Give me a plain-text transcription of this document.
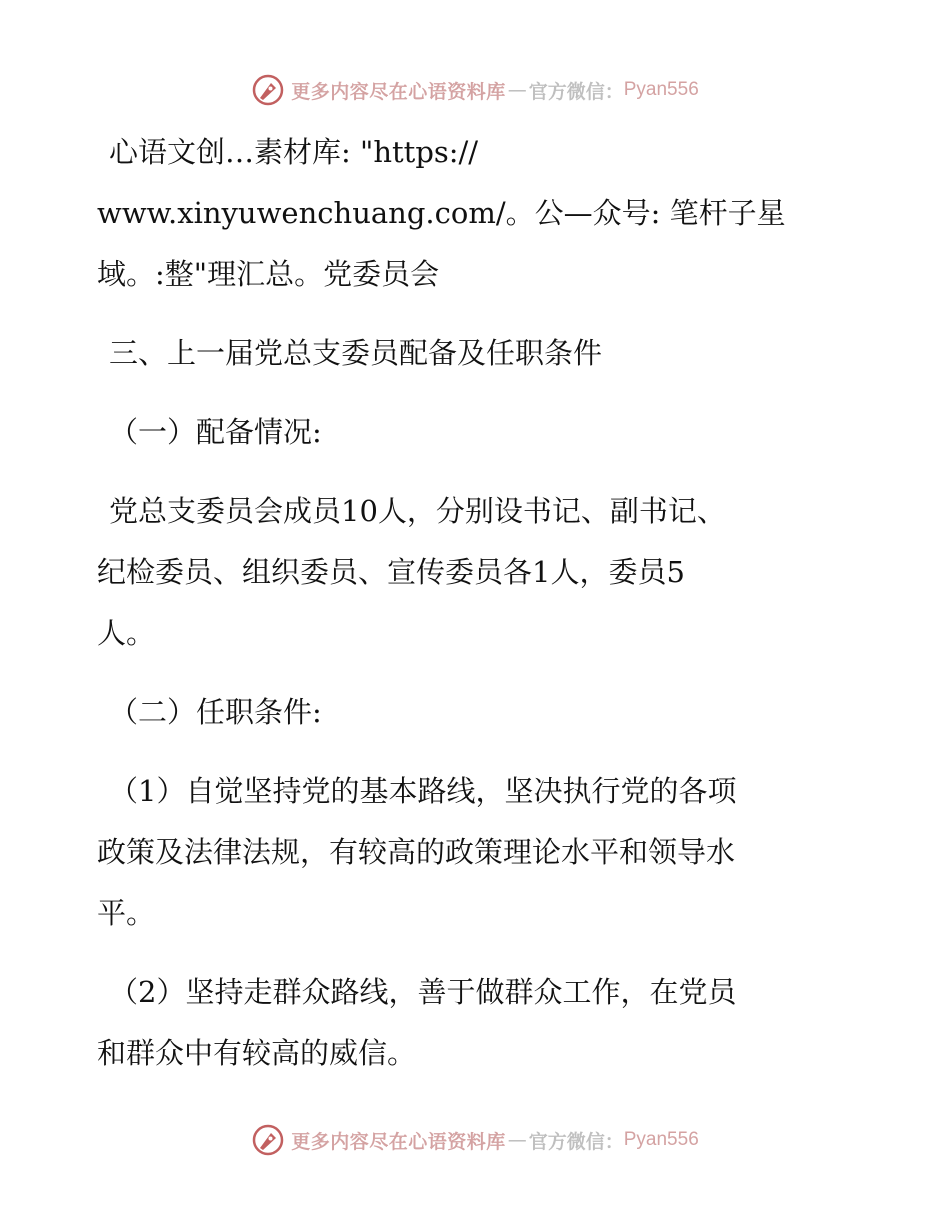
更多内容尽在心语资料库 — 官方微信： Pyan556

心语文创…素材库: "https://
www.xinyuwenchuang.com/。公—众号: 笔杆子星
域。:整"理汇总。党委员会

三、上一届党总支委员配备及任职条件

（一）配备情况:

党总支委员会成员10人，分别设书记、副书记、
纪检委员、组织委员、宣传委员各1人，委员5
人。

（二）任职条件:

（1）自觉坚持党的基本路线，坚决执行党的各项
政策及法律法规，有较高的政策理论水平和领导水
平。

（2）坚持走群众路线，善于做群众工作，在党员
和群众中有较高的威信。

更多内容尽在心语资料库 — 官方微信： Pyan556
